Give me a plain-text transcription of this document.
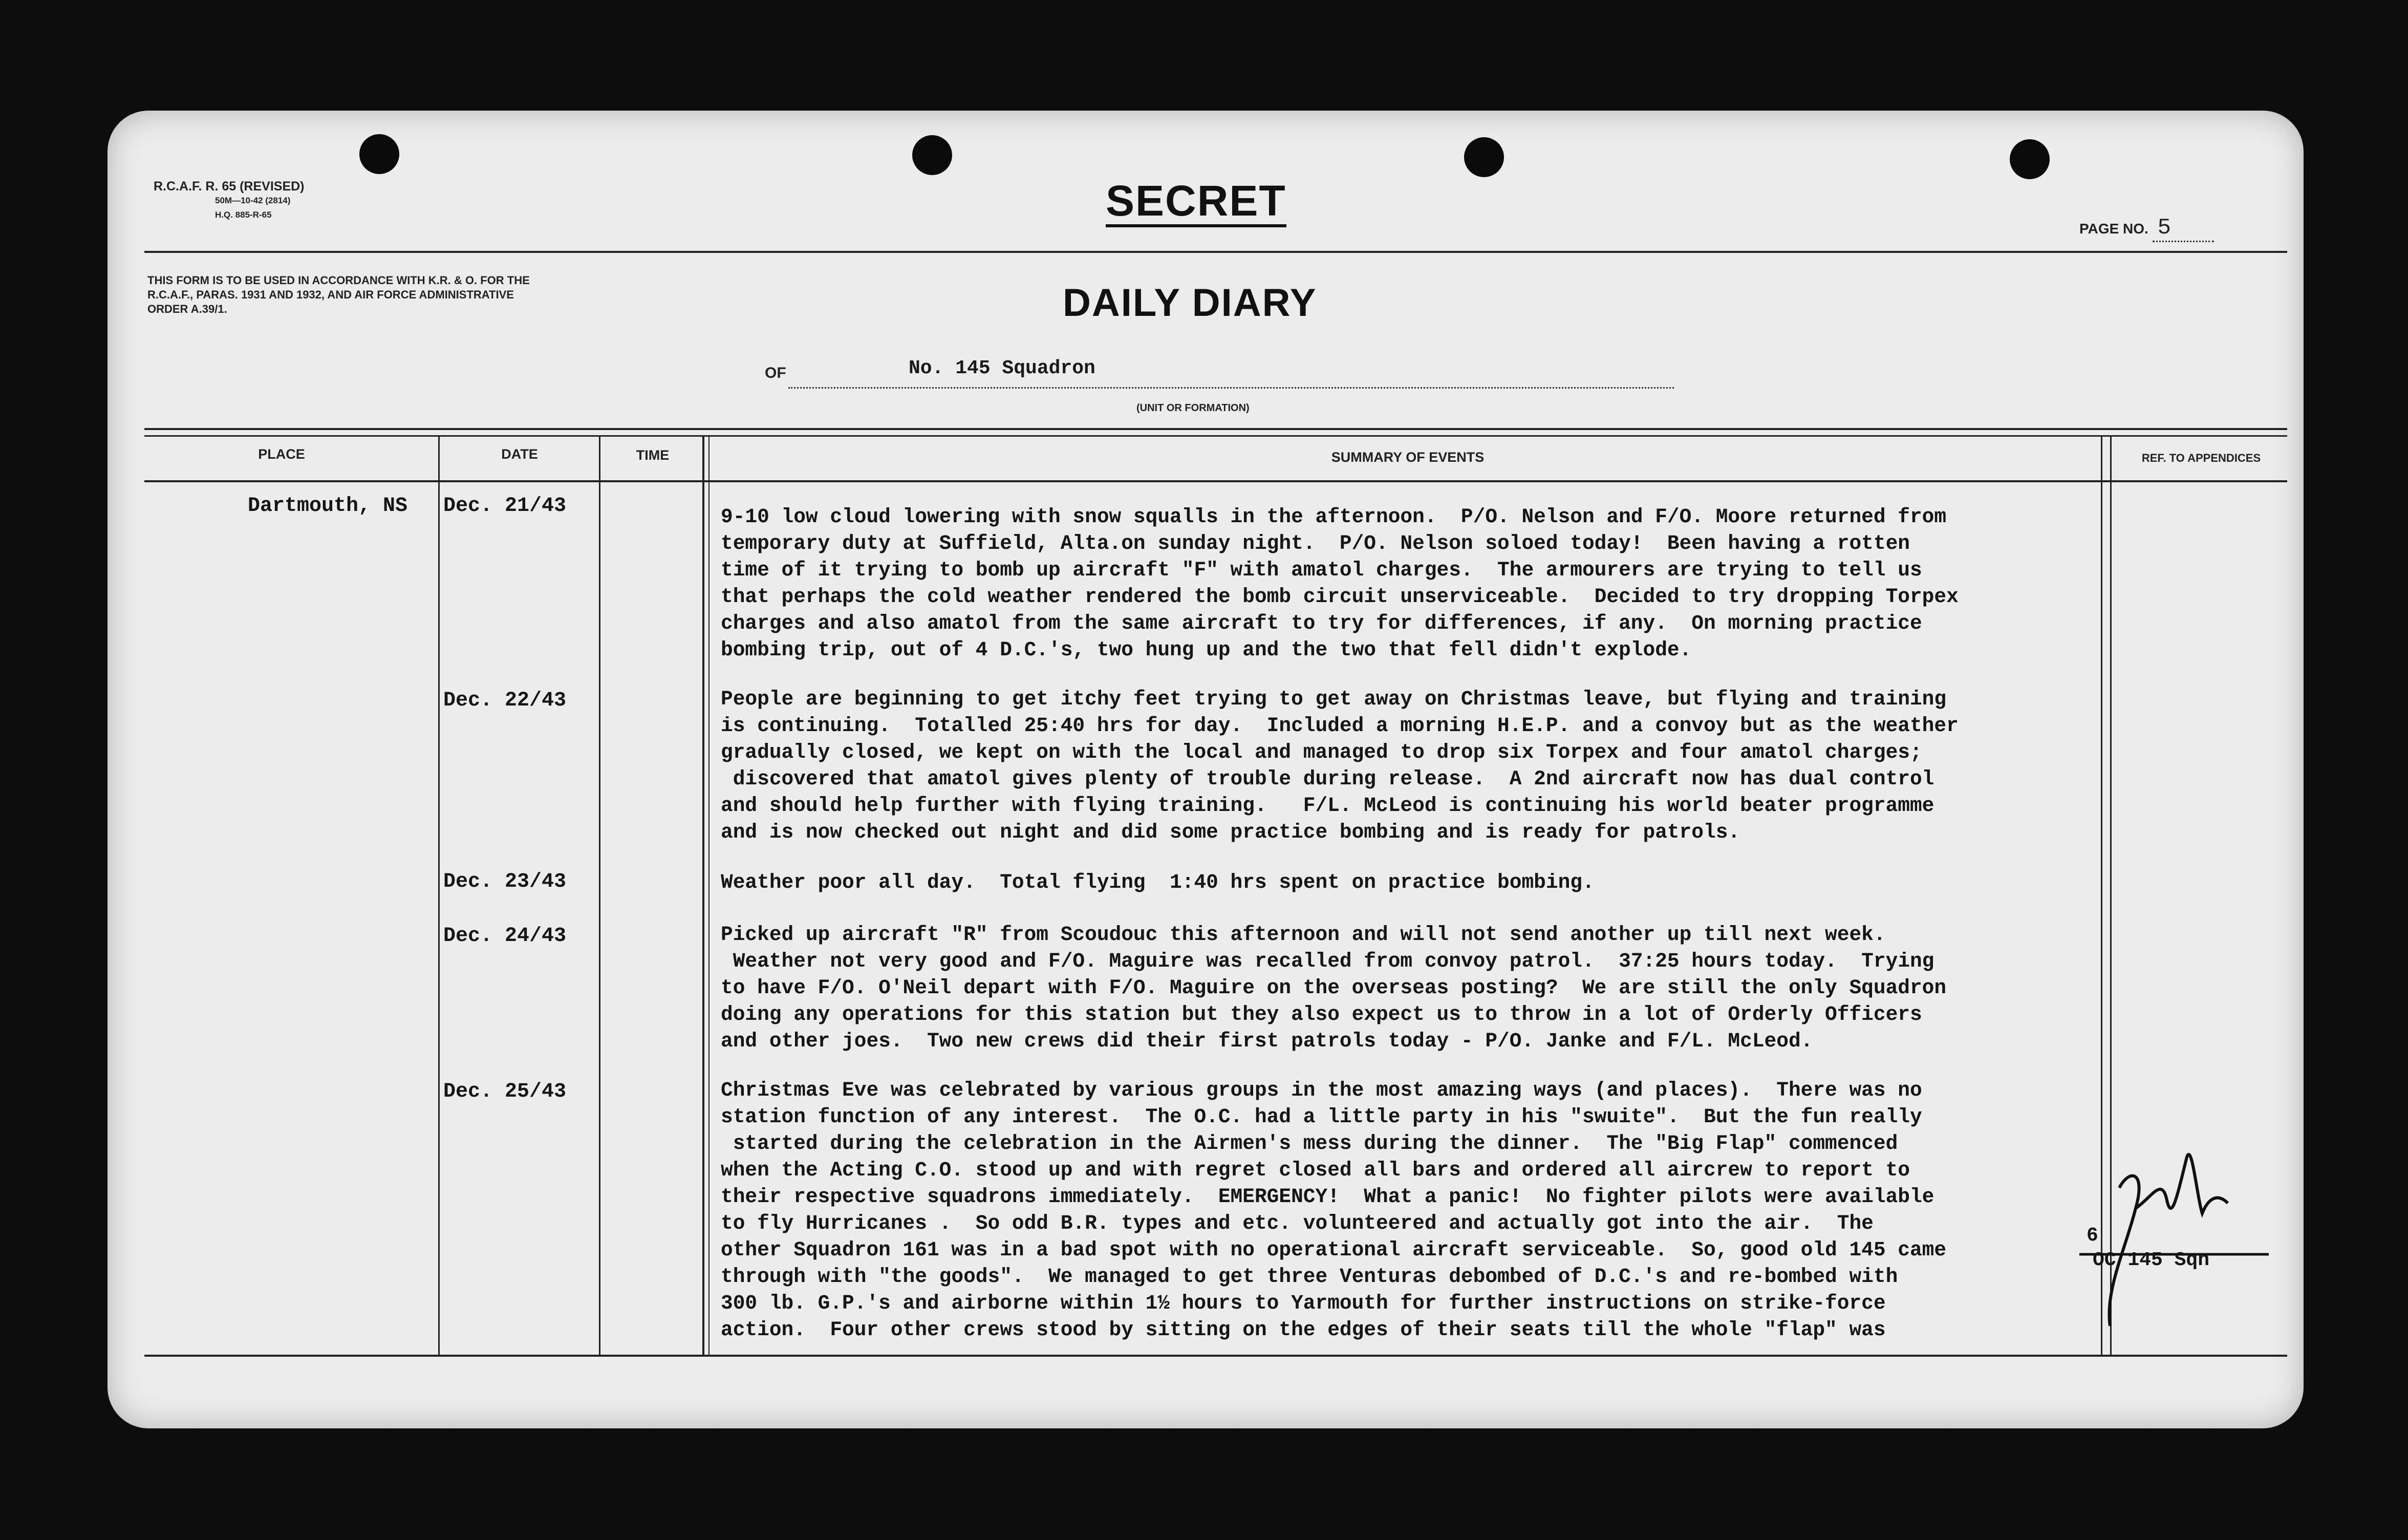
R.C.A.F. R. 65 (REVISED)
50M—10-42 (2814)
H.Q. 885-R-65	SECRET
PAGE NO. 5
THIS FORM IS TO BE USED IN ACCORDANCE WITH K.R. & O. FOR THE R.C.A.F., PARAS. 1931 AND 1932, AND AIR FORCE ADMINISTRATIVE ORDER A.39/1.	DAILY DIARY
OF	No. 145 Squadron
(UNIT OR FORMATION)
PLACE	DATE	TIME	SUMMARY OF EVENTS	REF. TO APPENDICES
Dartmouth, NS Dec. 21/43	9-10 low cloud lowering with snow squalls in the afternoon.  P/O. Nelson and F/O. Moore returned from
temporary duty at Suffield, Alta.on sunday night.  P/O. Nelson soloed today!  Been having a rotten
time of it trying to bomb up aircraft "F" with amatol charges.  The armourers are trying to tell us
that perhaps the cold weather rendered the bomb circuit unserviceable.  Decided to try dropping Torpex
charges and also amatol from the same aircraft to try for differences, if any.  On morning practice
bombing trip, out of 4 D.C.'s, two hung up and the two that fell didn't explode.
Dec. 22/43	People are beginning to get itchy feet trying to get away on Christmas leave, but flying and training
is continuing.  Totalled 25:40 hrs for day.  Included a morning H.E.P. and a convoy but as the weather
gradually closed, we kept on with the local and managed to drop six Torpex and four amatol charges;
discovered that amatol gives plenty of trouble during release.  A 2nd aircraft now has dual control
and should help further with flying training.   F/L. McLeod is continuing his world beater programme
and is now checked out night and did some practice bombing and is ready for patrols.
Dec. 23/43	Weather poor all day.  Total flying  1:40 hrs spent on practice bombing.
Dec. 24/43	Picked up aircraft "R" from Scoudouc this afternoon and will not send another up till next week.
Weather not very good and F/O. Maguire was recalled from convoy patrol.  37:25 hours today.  Trying
to have F/O. O'Neil depart with F/O. Maguire on the overseas posting?  We are still the only Squadron
doing any operations for this station but they also expect us to throw in a lot of Orderly Officers
and other joes.  Two new crews did their first patrols today - P/O. Janke and F/L. McLeod.
Dec. 25/43	Christmas Eve was celebrated by various groups in the most amazing ways (and places).  There was no
station function of any interest.  The O.C. had a little party in his "swuite".  But the fun really
started during the celebration in the Airmen's mess during the dinner.  The "Big Flap" commenced
when the Acting C.O. stood up and with regret closed all bars and ordered all aircrew to report to
their respective squadrons immediately.  EMERGENCY!  What a panic!  No fighter pilots were available
to fly Hurricanes .  So odd B.R. types and etc. volunteered and actually got into the air.  The
other Squadron 161 was in a bad spot with no operational aircraft serviceable.  So, good old 145 came
through with "the goods".  We managed to get three Venturas debombed of D.C.'s and re-bombed with
300 lb. G.P.'s and airborne within 1½ hours to Yarmouth for further instructions on strike-force
action.  Four other crews stood by sitting on the edges of their seats till the whole "flap" was
6
OC 145 Sqn
